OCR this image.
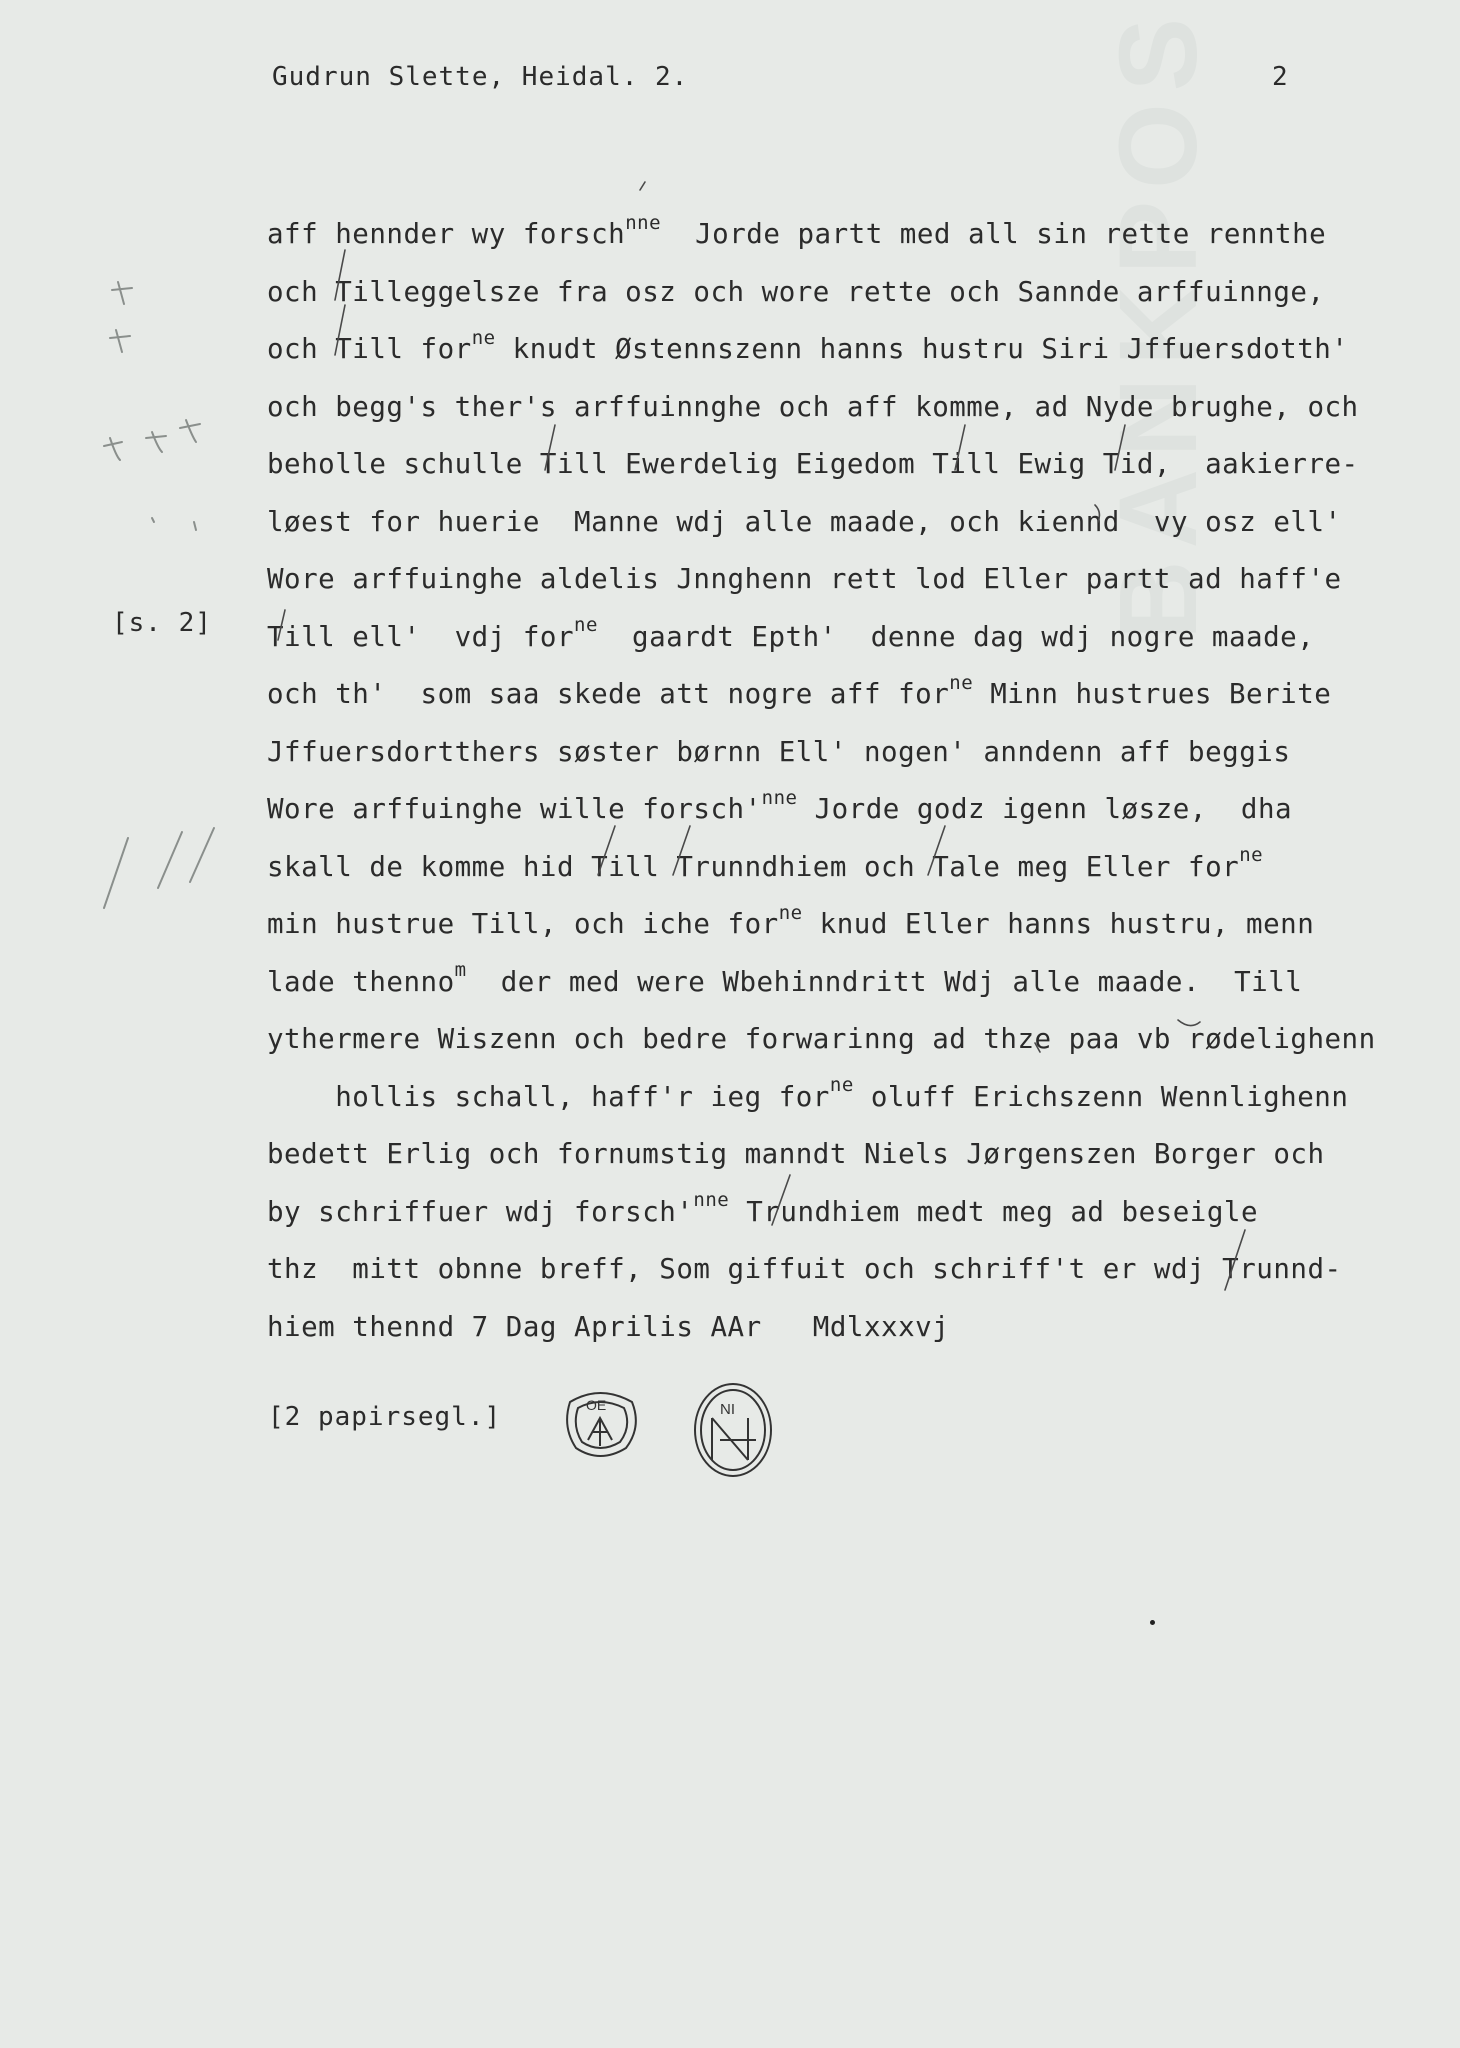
BANKPOS
Gudrun Slette, Heidal. 2.	2
[s. 2]
aff hennder wy forsch$^{nne}$  Jorde partt med all sin rette rennthe
och Tilleggelsze fra osz och wore rette och Sannde arffuinnge,
och Till for$^{ne}$ knudt Østennszenn hanns hustru Siri Jffuersdotth'
och begg's ther's arffuinnghe och aff komme, ad Nyde brughe, och
beholle schulle Till Ewerdelig Eigedom Till Ewig Tid,  aakierre-
løest for huerie  Manne wdj alle maade, och kiennd  vy osz ell'
Wore arffuinghe aldelis Jnnghenn rett lod Eller partt ad haff'e
Till ell'  vdj for$^{ne}$  gaardt Epth'  denne dag wdj nogre maade,
och th'  som saa skede att nogre aff for$^{ne}$ Minn hustrues Berite
Jffuersdortthers søster børnn Ell' nogen' anndenn aff beggis
Wore arffuinghe wille $forsch'^{nne}$ Jorde godz igenn løsze,  dha
skall de komme hid Till Trunndhiem och Tale meg Eller for$^{ne}$
min hustrue Till, och iche for$^{ne}$ knud Eller hanns hustru, menn
lade thenno$^m$  der med were Wbehinndritt Wdj alle maade.  Till
ythermere Wiszenn och bedre forwarinng ad thze paa vb rødelighenn
hollis schall, haff'r ieg for$^{ne}$ oluff Erichszenn Wennlighenn
bedett Erlig och fornumstig manndt Niels Jørgenszen Borger och
by schriffuer wdj $forsch'^{nne}$ Trundhiem medt meg ad beseigle
thz  mitt obnne breff, Som giffuit och schriff't er wdj Trunnd-
hiem thennd 7 Dag Aprilis AAr   Mdlxxxvj
[2 papirsegl.]	OE	NI
